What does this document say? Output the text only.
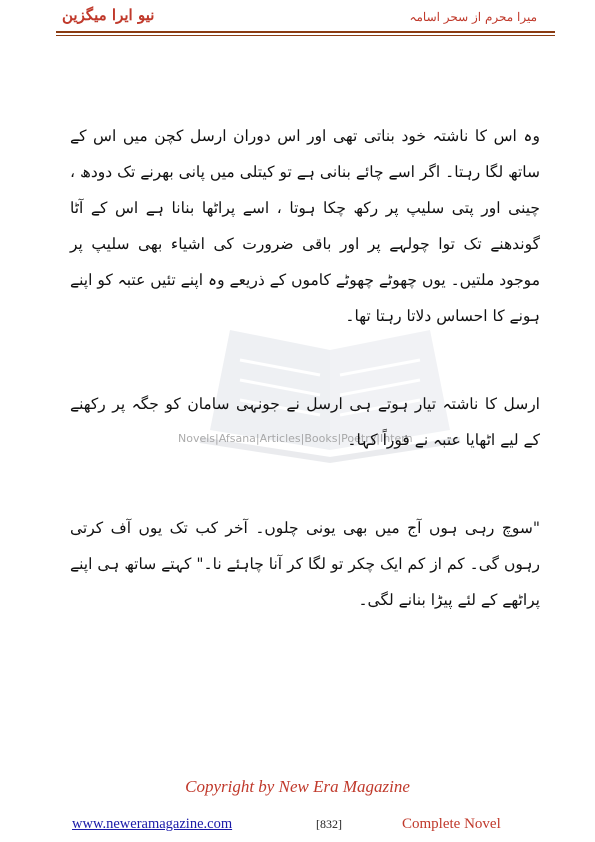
نیو ایرا میگزین	میرا محرم از سحر اسامہ
Novels|Afsana|Articles|Books|Poetry|Intern

وہ اس کا ناشتہ خود بناتی تھی اور اس دوران ارسل کچن میں اس کے ساتھ لگا رہتا۔ اگر اسے چائے بنانی ہے تو کیتلی میں پانی بھرنے تک دودھ ، چینی اور پتی سلیپ پر رکھ چکا ہوتا ، اسے پراٹھا بنانا ہے اس کے آٹا گوندھنے تک توا چولہے پر اور باقی ضرورت کی اشیاء بھی سلیپ پر موجود ملتیں۔ یوں چھوٹے چھوٹے کاموں کے ذریعے وہ اپنے تئیں عتبہ کو اپنے ہونے کا احساس دلاتا رہتا تھا۔

ارسل کا ناشتہ تیار ہوتے ہی ارسل نے جونہی سامان کو جگہ پر رکھنے کے لیے اٹھایا عتبہ نے فوراً کہا۔

"سوچ رہی ہوں آج میں بھی یونی چلوں۔ آخر کب تک یوں آف کرتی رہوں گی۔ کم از کم ایک چکر تو لگا کر آنا چاہئے نا۔" کہتے ساتھ ہی اپنے پراٹھے کے لئے پیڑا بنانے لگی۔

Copyright by New Era Magazine
www.neweramagazine.com	[832]	Complete Novel
